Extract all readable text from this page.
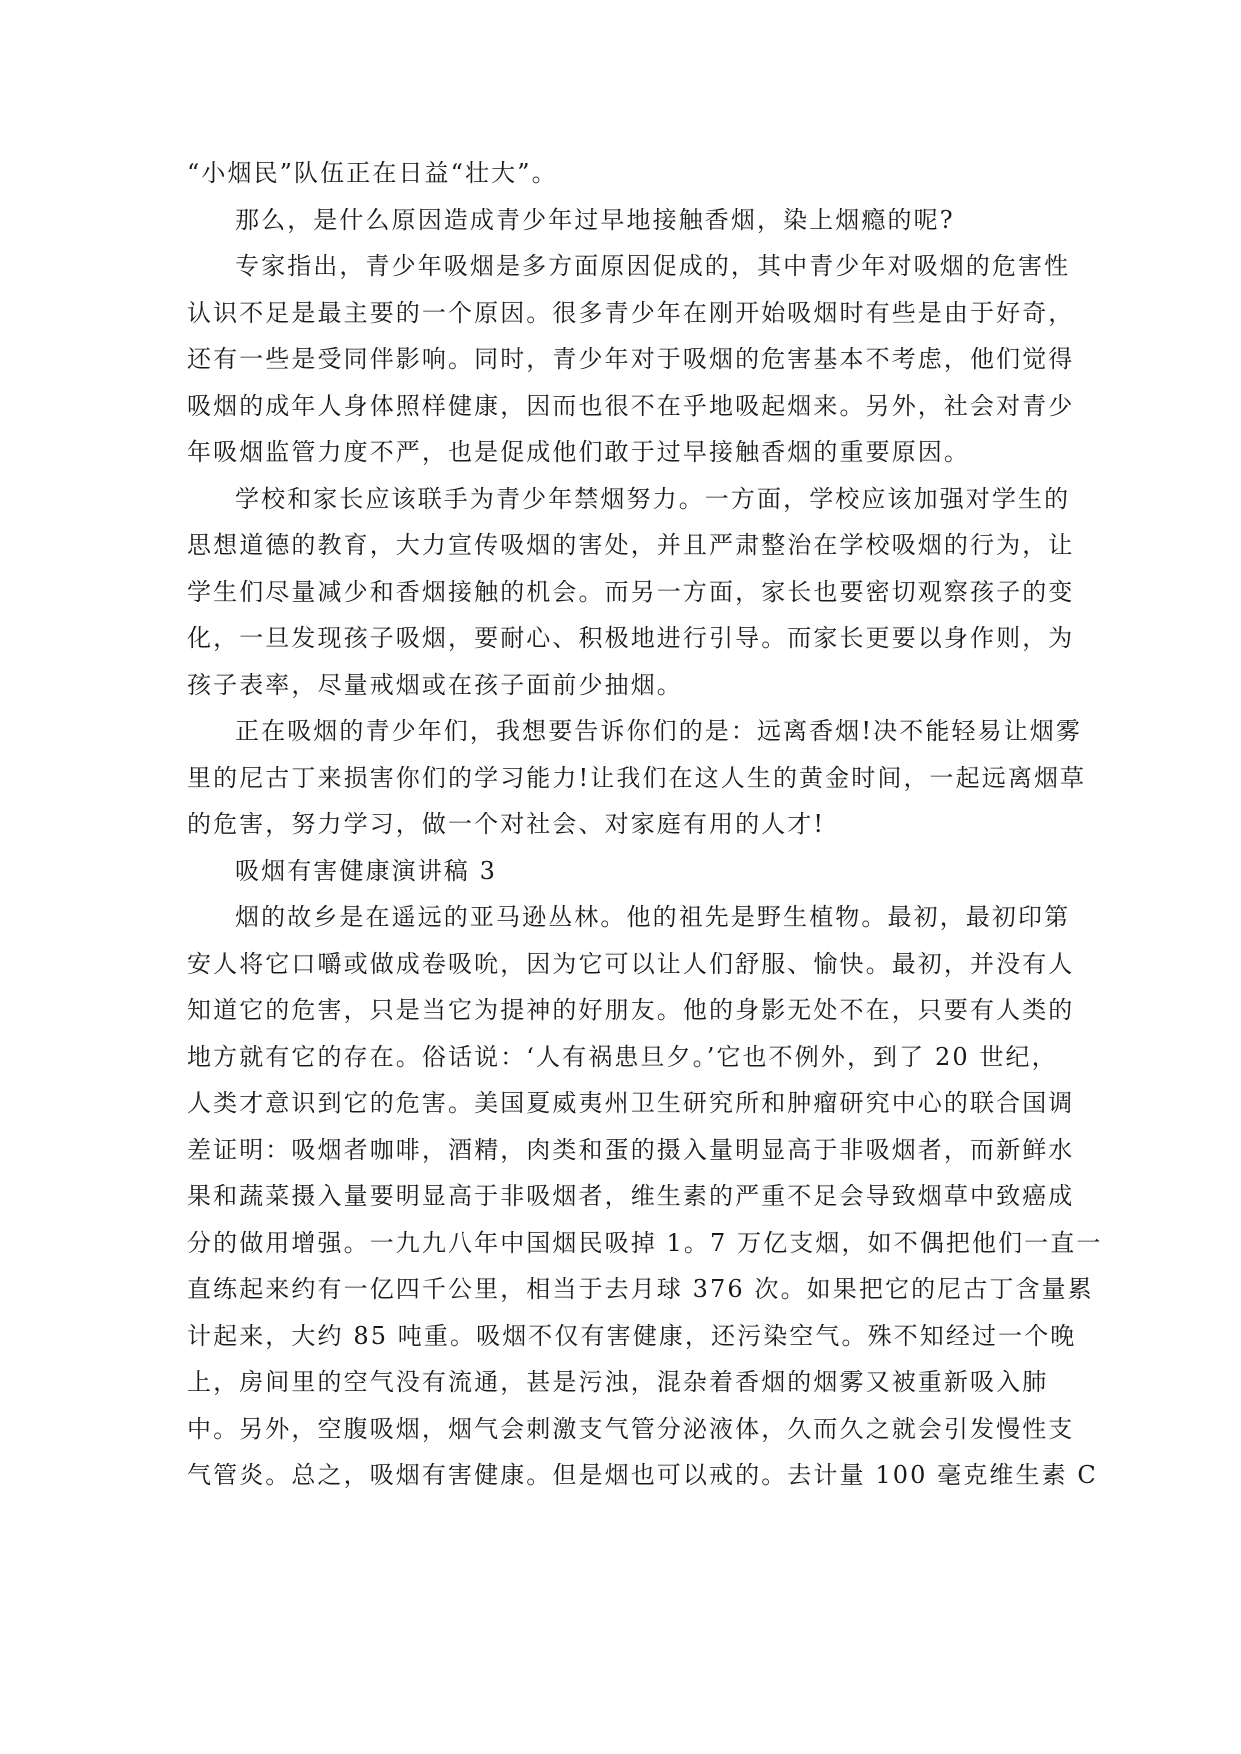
“小烟民”队伍正在日益“壮大”。
那么，是什么原因造成青少年过早地接触香烟，染上烟瘾的呢?
专家指出，青少年吸烟是多方面原因促成的，其中青少年对吸烟的危害性
认识不足是最主要的一个原因。很多青少年在刚开始吸烟时有些是由于好奇，
还有一些是受同伴影响。同时，青少年对于吸烟的危害基本不考虑，他们觉得
吸烟的成年人身体照样健康，因而也很不在乎地吸起烟来。另外，社会对青少
年吸烟监管力度不严，也是促成他们敢于过早接触香烟的重要原因。
学校和家长应该联手为青少年禁烟努力。一方面，学校应该加强对学生的
思想道德的教育，大力宣传吸烟的害处，并且严肃整治在学校吸烟的行为，让
学生们尽量减少和香烟接触的机会。而另一方面，家长也要密切观察孩子的变
化，一旦发现孩子吸烟，要耐心、积极地进行引导。而家长更要以身作则，为
孩子表率，尽量戒烟或在孩子面前少抽烟。
正在吸烟的青少年们，我想要告诉你们的是：远离香烟!决不能轻易让烟雾
里的尼古丁来损害你们的学习能力!让我们在这人生的黄金时间，一起远离烟草
的危害，努力学习，做一个对社会、对家庭有用的人才!
吸烟有害健康演讲稿 3
烟的故乡是在遥远的亚马逊丛林。他的祖先是野生植物。最初，最初印第
安人将它口嚼或做成卷吸吮，因为它可以让人们舒服、愉快。最初，并没有人
知道它的危害，只是当它为提神的好朋友。他的身影无处不在，只要有人类的
地方就有它的存在。俗话说：‘人有祸患旦夕。’它也不例外，到了 20 世纪，
人类才意识到它的危害。美国夏威夷州卫生研究所和肿瘤研究中心的联合国调
差证明：吸烟者咖啡，酒精，肉类和蛋的摄入量明显高于非吸烟者，而新鲜水
果和蔬菜摄入量要明显高于非吸烟者，维生素的严重不足会导致烟草中致癌成
分的做用增强。一九九八年中国烟民吸掉 1。7 万亿支烟，如不偶把他们一直一
直练起来约有一亿四千公里，相当于去月球 376 次。如果把它的尼古丁含量累
计起来，大约 85 吨重。吸烟不仅有害健康，还污染空气。殊不知经过一个晚
上，房间里的空气没有流通，甚是污浊，混杂着香烟的烟雾又被重新吸入肺
中。另外，空腹吸烟，烟气会刺激支气管分泌液体，久而久之就会引发慢性支
气管炎。总之，吸烟有害健康。但是烟也可以戒的。去计量 100 毫克维生素 C
